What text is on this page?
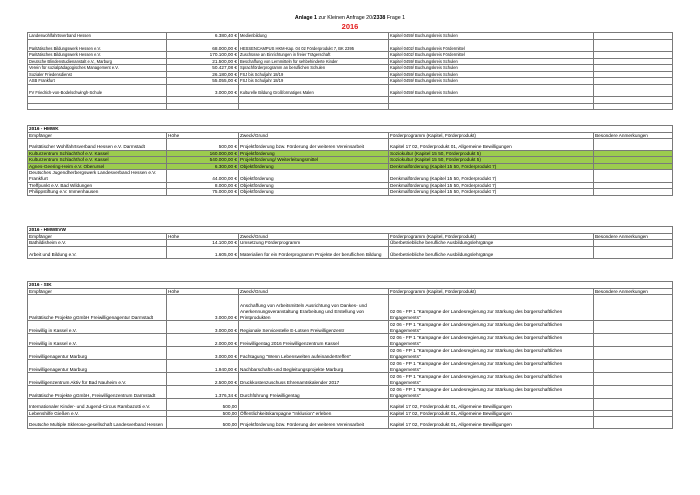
Anlage 1 zur Kleinen Anfrage 20/2338 Frage 1
2016
Landeswohlfahrtsverband Hessen	6.380,40 €	Medienbildung	Kapitel 0459/ Buchungskreis Schulen	
Paritätisches Bildungswerk Hessen e.V.	68.000,00 €	HESSENCAMPUS HKM-Kap. 04 02 Förderprodukt 7, BK 2395	Kapitel 0402/ Buchungskreis Fördermittel	
Paritätisches Bildungswerk Hessen e.V.	170.100,00 €	Zuschüsse an Einrichtungen in freier Trägerschaft	Kapitel 0402/ Buchungskreis Fördermittel	
Deutsche Blindenstudienanstalt e.V., Marburg	21.500,00 €	Beschaffung von Lernmitteln für sehbehinderte Kinder	Kapitel 0459/ Buchungskreis Schulen	
Verein für sozialpädagogisches Management e.V.	50.427,08 €	Sprachförderprogramm an beruflichen Schulen	Kapitel 0459/ Buchungskreis Schulen	
Sozialer Friedensdienst	26.180,00 €	FSJ bis Schuljahr 18/19	Kapitel 0459/ Buchungskreis Schulen	
ASB Frankfurt	55.055,00 €	FSJ bis Schuljahr 18/19	Kapitel 0459/ Buchungskreis Schulen	
FV Friedrich-von-Bodelschwingh-Schule	3.000,00 €	Kulturelle Bildung Großformatiges Malen	Kapitel 0459/ Buchungskreis Schulen	

2016 - HMWK				
Empfänger	Höhe	Zweck/Grund	Förderprogramm (Kapitel, Förderprodukt)	Besondere Anmerkungen
Paritätischer Wohlfahrtsverband Hessen e.V. Darmstadt	500,00 €	Projektförderung bzw. Förderung der weiteren Vereinsarbeit	Kapitel 17 02, Förderprodukt 01, Allgemeine Bewilligungen	
Kulturzentrum Schlachthof e.V. Kassel	160.000,00 €	Projektförderung	Soziokultur (Kapitel 15 50, Förderprodukt 5)	
Kulturzentrum Schlachthof e.V. Kassel	540.000,00 €	Projektförderung/ Weiterleitungsmittel	Soziokultur (Kapitel 15 50, Förderprodukt 5)	
Agnes-Geering-Heim e.V. Oberursel	6.300,00 €	Objektförderung	Denkmalförderung (Kapitel 15 50, Förderprodukt 7)	
Deutsches Jugendherbergswerk Landesverband Hessen e.V. Frankfurt	44.000,00 €	Objektförderung	Denkmalförderung (Kapitel 15 50, Förderprodukt 7)	
Treffpunkt e.V. Bad Wildungen	8.000,00 €	Objektförderung	Denkmalförderung (Kapitel 15 50, Förderprodukt 7)	
Philippstiftung e.V. Immenhausen	75.000,00 €	Objektförderung	Denkmalförderung (Kapitel 15 50, Förderprodukt 7)	
2016 - HMWEVW				
Empfänger	Höhe	Zweck/Grund	Förderprogramm (Kapitel, Förderprodukt)	Besondere Anmerkungen
Bathildisheim e.V.	14.100,00 €	Umsetzung Förderprogramm	Überbetriebliche berufliche Ausbildungslehrgänge	
Arbeit und Bildung e.V.	1.605,00 €	Materialien für ein Förderprogramm Projekte der beruflichen Bildung	Überbetriebliche berufliche Ausbildungslehrgänge	
2016 - StK				
Empfänger	Höhe	Zweck/Grund	Förderprogramm (Kapitel, Förderprodukt)	Besondere Anmerkungen
Paritätische Projekte gGmbH Freiwilligenagentur Darmstadt	3.000,00 €	Anschaffung von Arbeitsmitteln Ausrichtung von Dankes- und Anerkennungsveranstaltung Erarbeitung und Erstellung von Printprodukten	02 06 - FP 1 "Kampagne der Landesregierung zur Stärkung des bürgerschaftlichen Engagements"	
Freiwillig in Kassel e.V.	3.000,00 €	Regionale Servicestelle E-Lotsen Freiwilligenzentr	02 06 - FP 1 "Kampagne der Landesregierung zur Stärkung des bürgerschaftlichen Engagements"	
Freiwillig in Kassel e.V.	2.000,00 €	Freiwilligentag 2016 Freiwilligenzentrum Kassel	02 06 - FP 1 "Kampagne der Landesregierung zur Stärkung des bürgerschaftlichen Engagements"	
Freiwilligenagentur Marburg	3.000,00 €	Fachtagung "Wenn Lebenswelten aufeinandertreffen"	02 06 - FP 1 "Kampagne der Landesregierung zur Stärkung des bürgerschaftlichen Engagements"	
Freiwilligenagentur Marburg	1.940,00 €	Nachbarschafts-und Begleitungsprojekte Marburg	02 06 - FP 1 "Kampagne der Landesregierung zur Stärkung des bürgerschaftlichen Engagements"	
Freiwilligenzentrum Aktiv für Bad Nauheim e.V.	2.500,00 €	Druckkostenzuschuss Ehrenamtskalender 2017	02 06 - FP 1 "Kampagne der Landesregierung zur Stärkung des bürgerschaftlichen Engagements"	
Paritätische Projekte gGmbH, Freiwilligenzentrum Darmstadt	1.376,34 €	Durchführung Freiwilligentag	02 06 - FP 1 "Kampagne der Landesregierung zur Stärkung des bürgerschaftlichen Engagements"	
Internationaler Kinder- und Jugend-Circus Rambazotti e.V.	500,00		Kapitel 17 02, Förderprodukt 01, Allgemeine Bewilligungen	
Lebenshilfe Gießen e.V.	500,00	Öffentlichkeitskampagne "Inklusion" erleben	Kapitel 17 02, Förderprodukt 01, Allgemeine Bewilligungen	
Deutsche Multiple Sklerose-gesellschaft Landesverband Hessen	500,00	Projektförderung bzw. Förderung der weiteren Vereinsarbeit	Kapitel 17 02, Förderprodukt 01, Allgemeine Bewilligungen	
